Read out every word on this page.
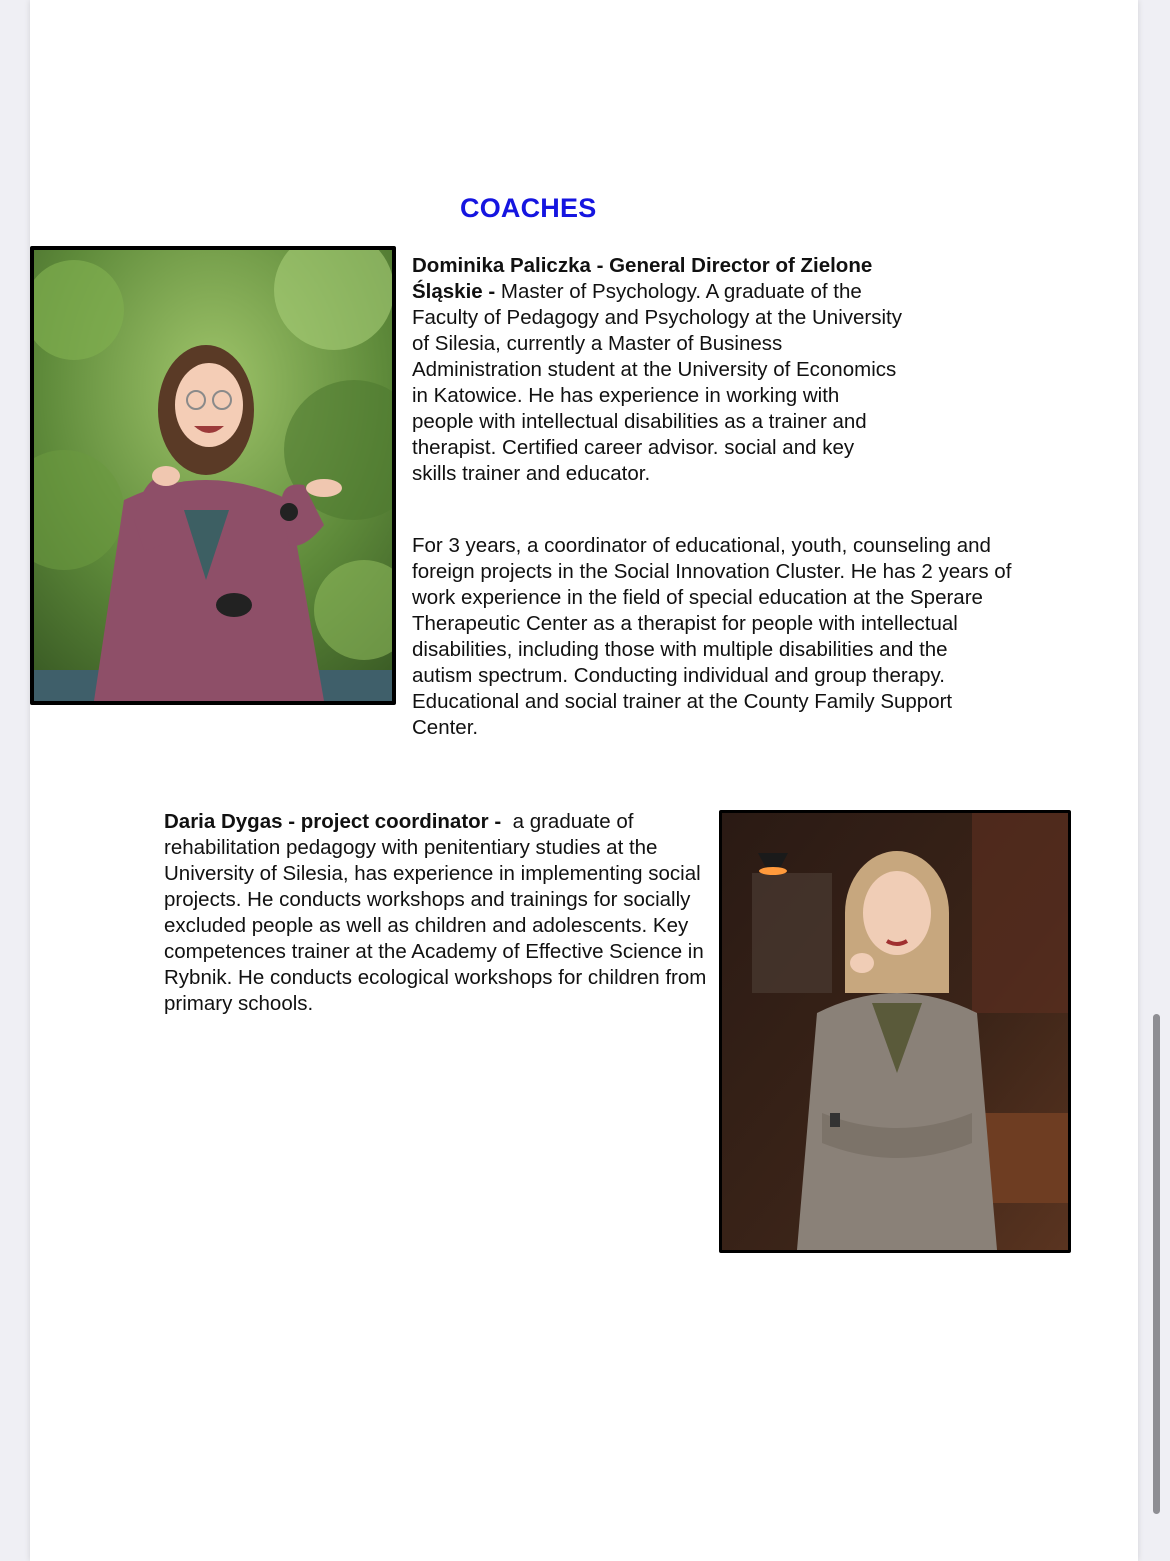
COACHES

Dominika Paliczka - General Director of Zielone Śląskie - Master of Psychology. A graduate of the Faculty of Pedagogy and Psychology at the University of Silesia, currently a Master of Business Administration student at the University of Economics in Katowice. He has experience in working with people with intellectual disabilities as a trainer and therapist. Certified career advisor. social and key skills trainer and educator.

For 3 years, a coordinator of educational, youth, counseling and foreign projects in the Social Innovation Cluster. He has 2 years of work experience in the field of special education at the Sperare Therapeutic Center as a therapist for people with intellectual disabilities, including those with multiple disabilities and the autism spectrum. Conducting individual and group therapy. Educational and social trainer at the County Family Support Center.

Daria Dygas - project coordinator - a graduate of rehabilitation pedagogy with penitentiary studies at the University of Silesia, has experience in implementing social projects. He conducts workshops and trainings for socially excluded people as well as children and adolescents. Key competences trainer at the Academy of Effective Science in Rybnik. He conducts ecological workshops for children from primary schools.
